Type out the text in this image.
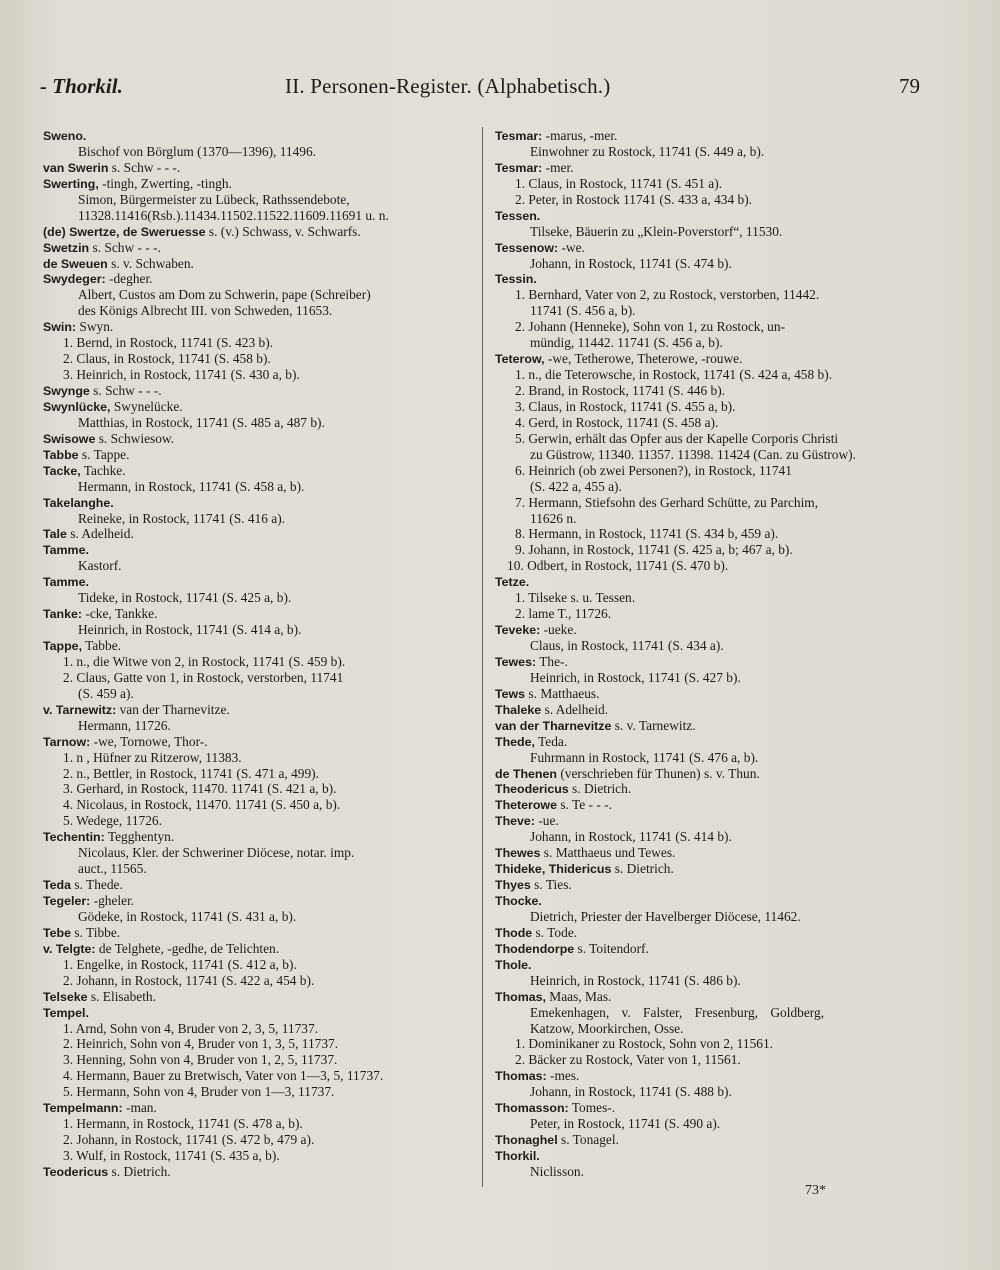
- Thorkil.	II. Personen-Register. (Alphabetisch.)	79
Sweno.
Bischof von Börglum (1370—1396), 11496.
van Swerin s. Schw - - -.
Swerting, -tingh, Zwerting, -tingh.
Simon, Bürgermeister zu Lübeck, Rathssendebote,
11328.11416(Rsb.).11434.11502.11522.11609.11691 u. n.
(de) Swertze, de Sweruesse s. (v.) Schwass, v. Schwarfs.
Swetzin s. Schw - - -.
de Sweuen s. v. Schwaben.
Swydeger: -degher.
Albert, Custos am Dom zu Schwerin, pape (Schreiber)
des Königs Albrecht III. von Schweden, 11653.
Swin: Swyn.
1. Bernd, in Rostock, 11741 (S. 423 b).
2. Claus, in Rostock, 11741 (S. 458 b).
3. Heinrich, in Rostock, 11741 (S. 430 a, b).
Swynge s. Schw - - -.
Swynlücke, Swynelücke.
Matthias, in Rostock, 11741 (S. 485 a, 487 b).
Swisowe s. Schwiesow.
Tabbe s. Tappe.
Tacke, Tachke.
Hermann, in Rostock, 11741 (S. 458 a, b).
Takelanghe.
Reineke, in Rostock, 11741 (S. 416 a).
Tale s. Adelheid.
Tamme.
Kastorf.
Tamme.
Tideke, in Rostock, 11741 (S. 425 a, b).
Tanke: -cke, Tankke.
Heinrich, in Rostock, 11741 (S. 414 a, b).
Tappe, Tabbe.
1. n., die Witwe von 2, in Rostock, 11741 (S. 459 b).
2. Claus, Gatte von 1, in Rostock, verstorben, 11741
(S. 459 a).
v. Tarnewitz: van der Tharnevitze.
Hermann, 11726.
Tarnow: -we, Tornowe, Thor-.
1. n , Hüfner zu Ritzerow, 11383.
2. n., Bettler, in Rostock, 11741 (S. 471 a, 499).
3. Gerhard, in Rostock, 11470. 11741 (S. 421 a, b).
4. Nicolaus, in Rostock, 11470. 11741 (S. 450 a, b).
5. Wedege, 11726.
Techentin: Tegghentyn.
Nicolaus, Kler. der Schweriner Diöcese, notar. imp.
auct., 11565.
Teda s. Thede.
Tegeler: -gheler.
Gödeke, in Rostock, 11741 (S. 431 a, b).
Tebe s. Tibbe.
v. Telgte: de Telghete, -gedhe, de Telichten.
1. Engelke, in Rostock, 11741 (S. 412 a, b).
2. Johann, in Rostock, 11741 (S. 422 a, 454 b).
Telseke s. Elisabeth.
Tempel.
1. Arnd, Sohn von 4, Bruder von 2, 3, 5, 11737.
2. Heinrich, Sohn von 4, Bruder von 1, 3, 5, 11737.
3. Henning, Sohn von 4, Bruder von 1, 2, 5, 11737.
4. Hermann, Bauer zu Bretwisch, Vater von 1—3, 5, 11737.
5. Hermann, Sohn von 4, Bruder von 1—3, 11737.
Tempelmann: -man.
1. Hermann, in Rostock, 11741 (S. 478 a, b).
2. Johann, in Rostock, 11741 (S. 472 b, 479 a).
3. Wulf, in Rostock, 11741 (S. 435 a, b).
Teodericus s. Dietrich.
Tesmar: -marus, -mer.
Einwohner zu Rostock, 11741 (S. 449 a, b).
Tesmar: -mer.
1. Claus, in Rostock, 11741 (S. 451 a).
2. Peter, in Rostock 11741 (S. 433 a, 434 b).
Tessen.
Tilseke, Bäuerin zu „Klein-Poverstorf“, 11530.
Tessenow: -we.
Johann, in Rostock, 11741 (S. 474 b).
Tessin.
1. Bernhard, Vater von 2, zu Rostock, verstorben, 11442.
11741 (S. 456 a, b).
2. Johann (Henneke), Sohn von 1, zu Rostock, un-
mündig, 11442. 11741 (S. 456 a, b).
Teterow, -we, Tetherowe, Theterowe, -rouwe.
1. n., die Teterowsche, in Rostock, 11741 (S. 424 a, 458 b).
2. Brand, in Rostock, 11741 (S. 446 b).
3. Claus, in Rostock, 11741 (S. 455 a, b).
4. Gerd, in Rostock, 11741 (S. 458 a).
5. Gerwin, erhält das Opfer aus der Kapelle Corporis Christi
zu Güstrow, 11340. 11357. 11398. 11424 (Can. zu Güstrow).
6. Heinrich (ob zwei Personen?), in Rostock, 11741
(S. 422 a, 455 a).
7. Hermann, Stiefsohn des Gerhard Schütte, zu Parchim,
11626 n.
8. Hermann, in Rostock, 11741 (S. 434 b, 459 a).
9. Johann, in Rostock, 11741 (S. 425 a, b; 467 a, b).
10. Odbert, in Rostock, 11741 (S. 470 b).
Tetze.
1. Tilseke s. u. Tessen.
2. lame T., 11726.
Teveke: -ueke.
Claus, in Rostock, 11741 (S. 434 a).
Tewes: The-.
Heinrich, in Rostock, 11741 (S. 427 b).
Tews s. Matthaeus.
Thaleke s. Adelheid.
van der Tharnevitze s. v. Tarnewitz.
Thede, Teda.
Fuhrmann in Rostock, 11741 (S. 476 a, b).
de Thenen (verschrieben für Thunen) s. v. Thun.
Theodericus s. Dietrich.
Theterowe s. Te - - -.
Theve: -ue.
Johann, in Rostock, 11741 (S. 414 b).
Thewes s. Matthaeus und Tewes.
Thideke, Thidericus s. Dietrich.
Thyes s. Ties.
Thocke.
Dietrich, Priester der Havelberger Diöcese, 11462.
Thode s. Tode.
Thodendorpe s. Toitendorf.
Thole.
Heinrich, in Rostock, 11741 (S. 486 b).
Thomas, Maas, Mas.
Emekenhagen, v. Falster, Fresenburg, Goldberg,
Katzow, Moorkirchen, Osse.
1. Dominikaner zu Rostock, Sohn von 2, 11561.
2. Bäcker zu Rostock, Vater von 1, 11561.
Thomas: -mes.
Johann, in Rostock, 11741 (S. 488 b).
Thomasson: Tomes-.
Peter, in Rostock, 11741 (S. 490 a).
Thonaghel s. Tonagel.
Thorkil.
Niclisson.
73*
